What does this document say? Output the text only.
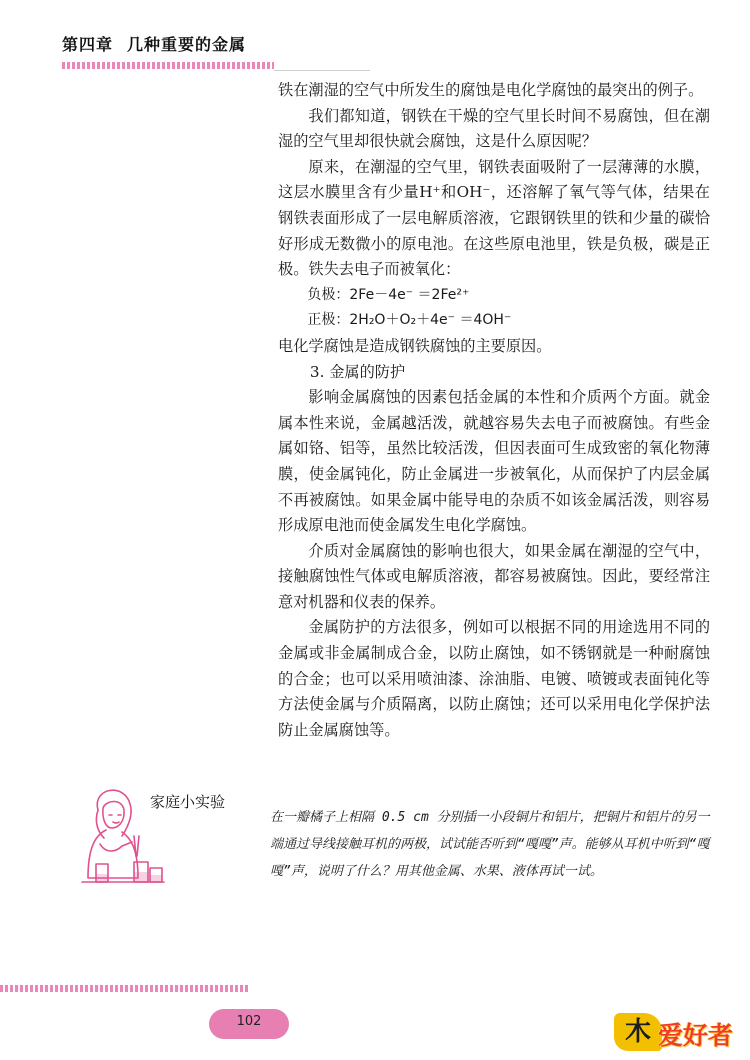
第四章 几种重要的金属

铁在潮湿的空气中所发生的腐蚀是电化学腐蚀的最突出的例子。

我们都知道，钢铁在干燥的空气里长时间不易腐蚀，但在潮湿的空气里却很快就会腐蚀，这是什么原因呢？

原来，在潮湿的空气里，钢铁表面吸附了一层薄薄的水膜，这层水膜里含有少量H⁺和OH⁻，还溶解了氧气等气体，结果在钢铁表面形成了一层电解质溶液，它跟钢铁里的铁和少量的碳恰好形成无数微小的原电池。在这些原电池里，铁是负极，碳是正极。铁失去电子而被氧化：

负极：2Fe－4e⁻ ＝2Fe²⁺

正极：2H₂O＋O₂＋4e⁻ ＝4OH⁻

电化学腐蚀是造成钢铁腐蚀的主要原因。

3. 金属的防护

影响金属腐蚀的因素包括金属的本性和介质两个方面。就金属本性来说，金属越活泼，就越容易失去电子而被腐蚀。有些金属如铬、铝等，虽然比较活泼，但因表面可生成致密的氧化物薄膜，使金属钝化，防止金属进一步被氧化，从而保护了内层金属不再被腐蚀。如果金属中能导电的杂质不如该金属活泼，则容易形成原电池而使金属发生电化学腐蚀。

介质对金属腐蚀的影响也很大，如果金属在潮湿的空气中，接触腐蚀性气体或电解质溶液，都容易被腐蚀。因此，要经常注意对机器和仪表的保养。

金属防护的方法很多，例如可以根据不同的用途选用不同的金属或非金属制成合金，以防止腐蚀，如不锈钢就是一种耐腐蚀的合金；也可以采用喷油漆、涂油脂、电镀、喷镀或表面钝化等方法使金属与介质隔离，以防止腐蚀；还可以采用电化学保护法防止金属腐蚀等。

家庭小实验
在一瓣橘子上相隔 0.5 cm 分别插一小段铜片和铝片，把铜片和铝片的另一端通过导线接触耳机的两极，试试能否听到“嘎嘎”声。能够从耳机中听到“嘎嘎”声，说明了什么？用其他金属、水果、液体再试一试。
102	木 爱好者
